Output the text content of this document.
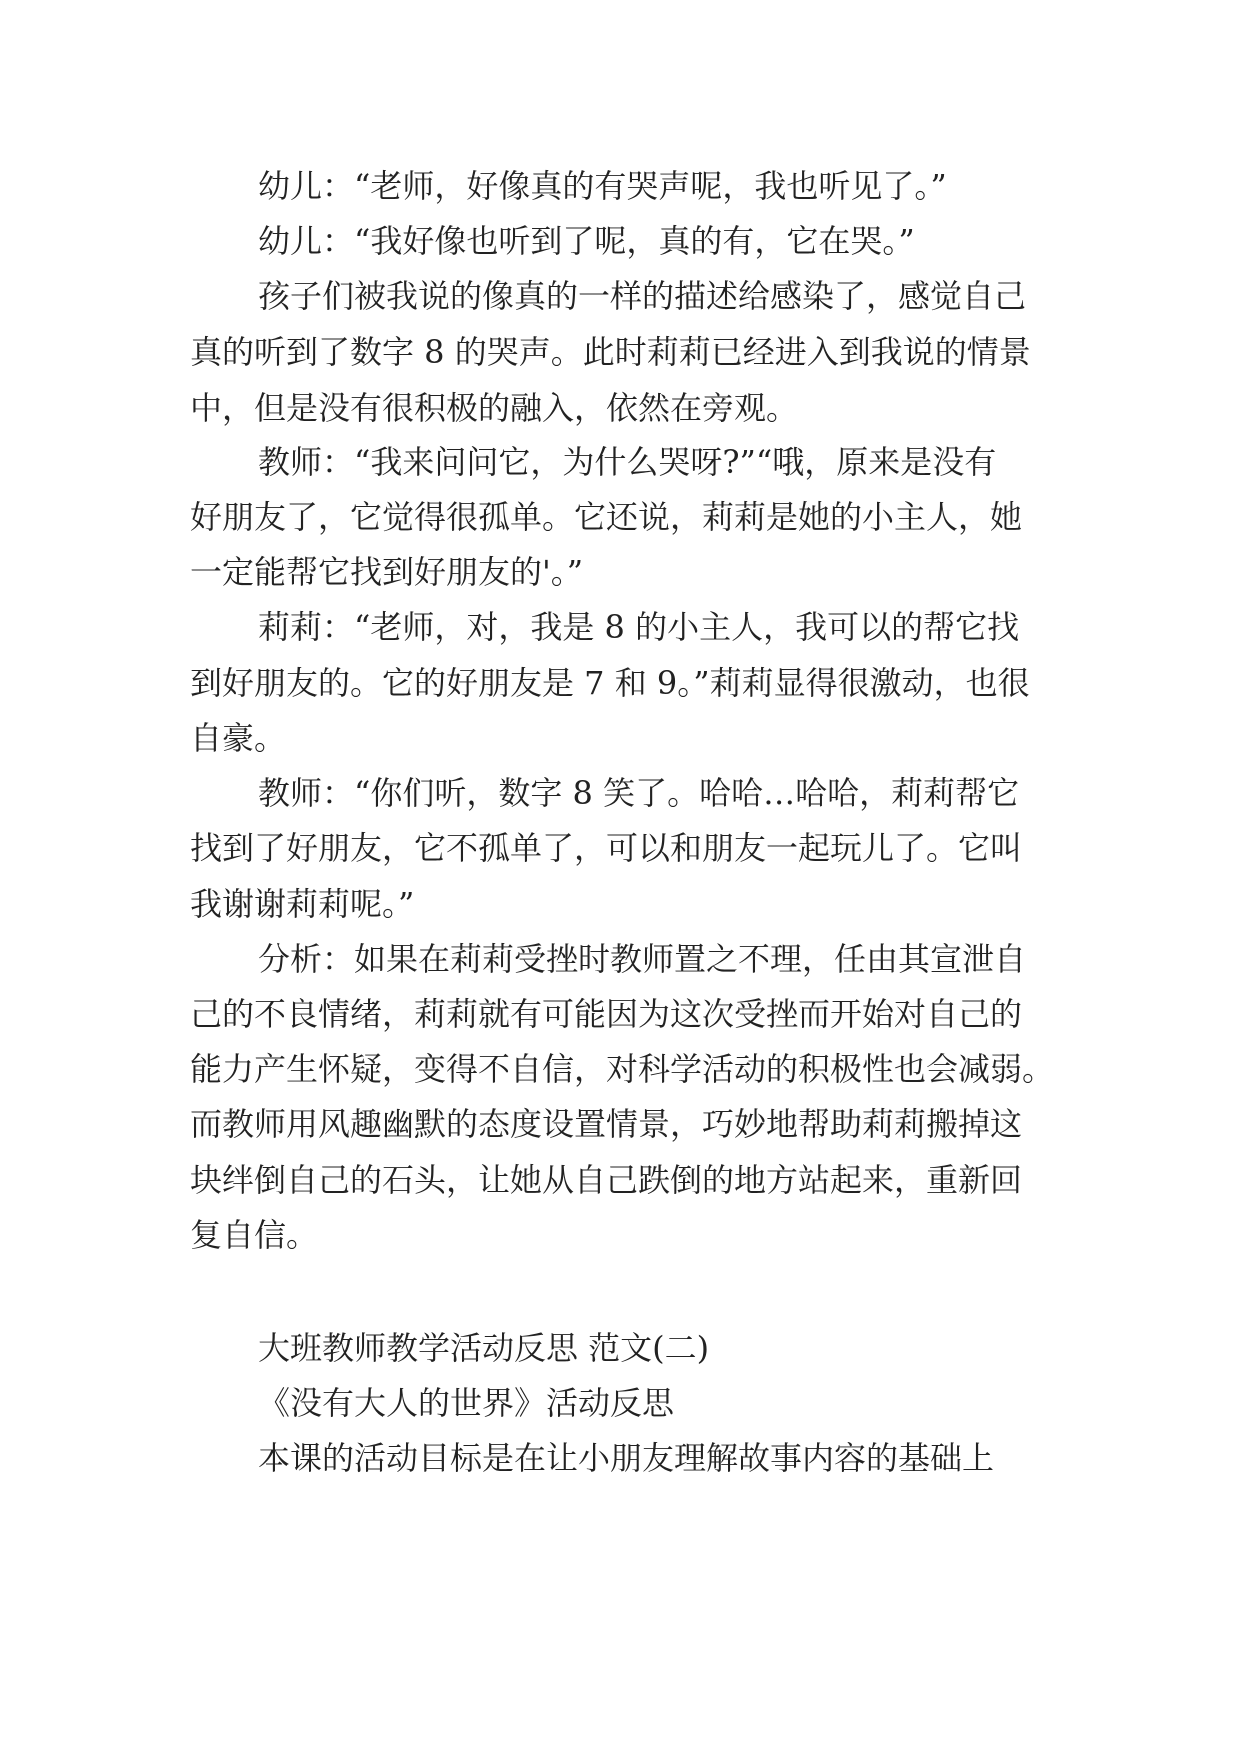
幼儿：“老师，好像真的有哭声呢，我也听见了。”
幼儿：“我好像也听到了呢，真的有，它在哭。”
孩子们被我说的像真的一样的描述给感染了，感觉自己
真的听到了数字 8 的哭声。此时莉莉已经进入到我说的情景
中，但是没有很积极的融入，依然在旁观。
教师：“我来问问它，为什么哭呀?”“哦，原来是没有
好朋友了，它觉得很孤单。它还说，莉莉是她的小主人，她
一定能帮它找到好朋友的'。”
莉莉：“老师，对，我是 8 的小主人，我可以的帮它找
到好朋友的。它的好朋友是 7 和 9。”莉莉显得很激动，也很
自豪。
教师：“你们听，数字 8 笑了。哈哈…哈哈，莉莉帮它
找到了好朋友，它不孤单了，可以和朋友一起玩儿了。它叫
我谢谢莉莉呢。”
分析：如果在莉莉受挫时教师置之不理，任由其宣泄自
己的不良情绪，莉莉就有可能因为这次受挫而开始对自己的
能力产生怀疑，变得不自信，对科学活动的积极性也会减弱。
而教师用风趣幽默的态度设置情景，巧妙地帮助莉莉搬掉这
块绊倒自己的石头，让她从自己跌倒的地方站起来，重新回
复自信。
大班教师教学活动反思 范文(二)
《没有大人的世界》活动反思
本课的活动目标是在让小朋友理解故事内容的基础上
